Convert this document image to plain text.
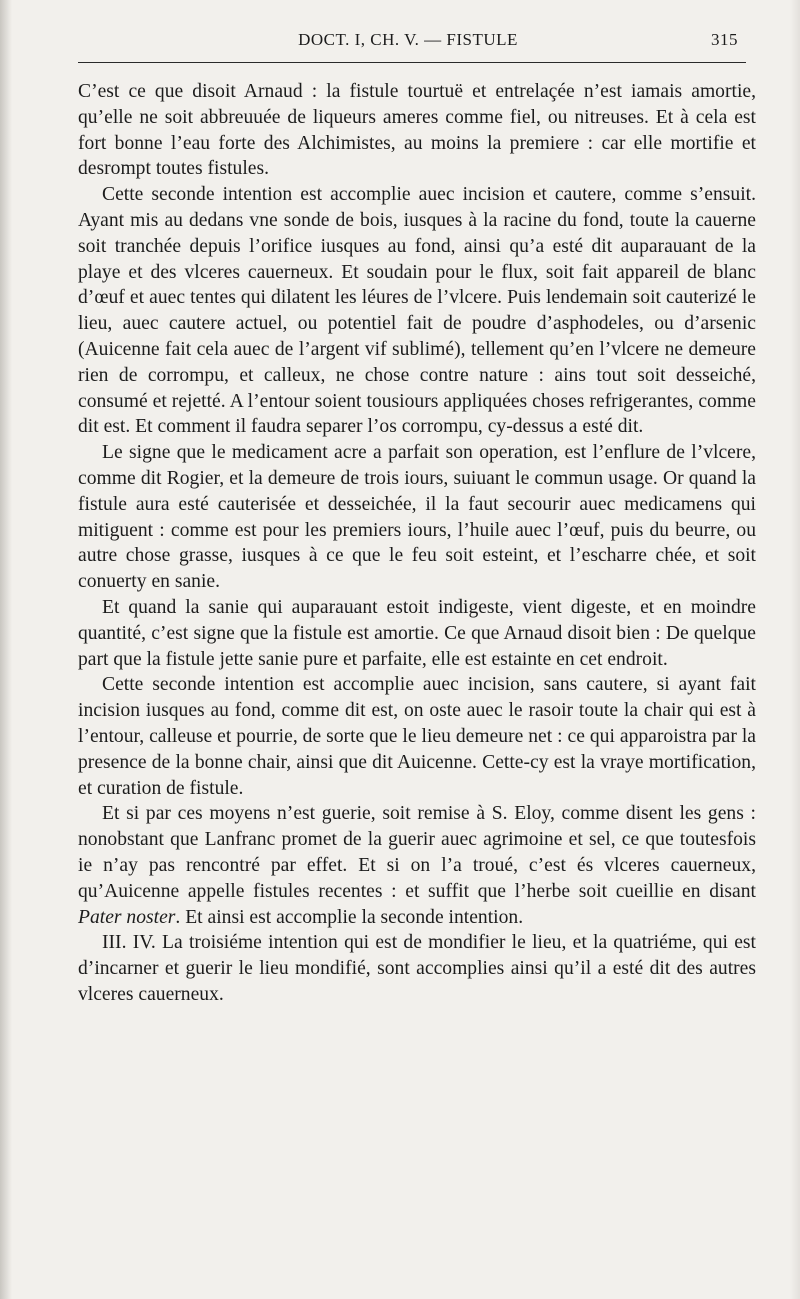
DOCT. I, CH. V. — FISTULE	315

C’est ce que disoit Arnaud : la fistule tourtuë et entrelaçée n’est iamais amortie, qu’elle ne soit abbreuuée de liqueurs ameres comme fiel, ou nitreuses. Et à cela est fort bonne l’eau forte des Alchimistes, au moins la premiere : car elle mortifie et desrompt toutes fistules.

Cette seconde intention est accomplie auec incision et cautere, comme s’ensuit. Ayant mis au dedans vne sonde de bois, iusques à la racine du fond, toute la cauerne soit tranchée depuis l’orifice iusques au fond, ainsi qu’a esté dit auparauant de la playe et des vlceres cauerneux. Et soudain pour le flux, soit fait appareil de blanc d’œuf et auec tentes qui dilatent les léures de l’vlcere. Puis lendemain soit cauterizé le lieu, auec cautere actuel, ou potentiel fait de poudre d’asphodeles, ou d’arsenic (Auicenne fait cela auec de l’argent vif sublimé), tellement qu’en l’vlcere ne demeure rien de corrompu, et calleux, ne chose contre nature : ains tout soit desseiché, consumé et rejetté. A l’entour soient tousiours appliquées choses refrigerantes, comme dit est. Et comment il faudra separer l’os corrompu, cy-dessus a esté dit.

Le signe que le medicament acre a parfait son operation, est l’enflure de l’vlcere, comme dit Rogier, et la demeure de trois iours, suiuant le commun usage. Or quand la fistule aura esté cauterisée et desseichée, il la faut secourir auec medicamens qui mitiguent : comme est pour les premiers iours, l’huile auec l’œuf, puis du beurre, ou autre chose grasse, iusques à ce que le feu soit esteint, et l’escharre chée, et soit conuerty en sanie.

Et quand la sanie qui auparauant estoit indigeste, vient digeste, et en moindre quantité, c’est signe que la fistule est amortie. Ce que Arnaud disoit bien : De quelque part que la fistule jette sanie pure et parfaite, elle est estainte en cet endroit.

Cette seconde intention est accomplie auec incision, sans cautere, si ayant fait incision iusques au fond, comme dit est, on oste auec le rasoir toute la chair qui est à l’entour, calleuse et pourrie, de sorte que le lieu demeure net : ce qui apparoistra par la presence de la bonne chair, ainsi que dit Auicenne. Cette-cy est la vraye mortification, et curation de fistule.

Et si par ces moyens n’est guerie, soit remise à S. Eloy, comme disent les gens : nonobstant que Lanfranc promet de la guerir auec agrimoine et sel, ce que toutesfois ie n’ay pas rencontré par effet. Et si on l’a troué, c’est és vlceres cauerneux, qu’Auicenne appelle fistules recentes : et suffit que l’herbe soit cueillie en disant Pater noster. Et ainsi est accomplie la seconde intention.

III. IV. La troisiéme intention qui est de mondifier le lieu, et la quatriéme, qui est d’incarner et guerir le lieu mondifié, sont accomplies ainsi qu’il a esté dit des autres vlceres cauerneux.
